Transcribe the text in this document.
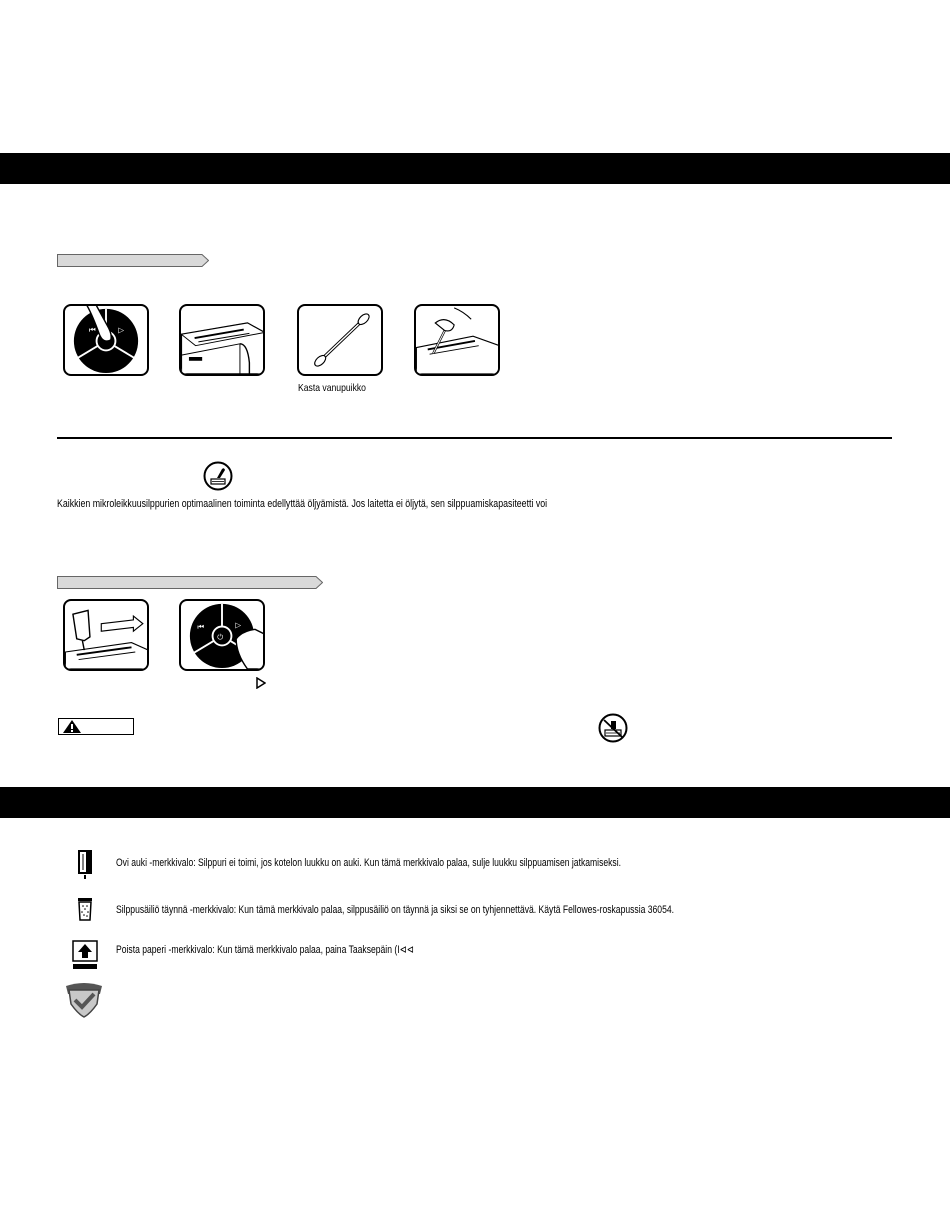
⏮	▷
Kasta vanupuikko
Kaikkien mikroleikkuusilppurien optimaalinen toiminta edellyttää öljyämistä. Jos laitetta ei öljytä, sen silppuamiskapasiteetti voi
⏮
⏻
▷
Ovi auki -merkkivalo: Silppuri ei toimi, jos kotelon luukku on auki. Kun tämä merkkivalo palaa, sulje luukku silppuamisen jatkamiseksi.
Silppusäiliö täynnä -merkkivalo: Kun tämä merkkivalo palaa, silppusäiliö on täynnä ja siksi se on tyhjennettävä. Käytä Fellowes-roskapussia 36054.
Poista paperi -merkkivalo: Kun tämä merkkivalo palaa, paina Taaksepäin (I⊲⊲
